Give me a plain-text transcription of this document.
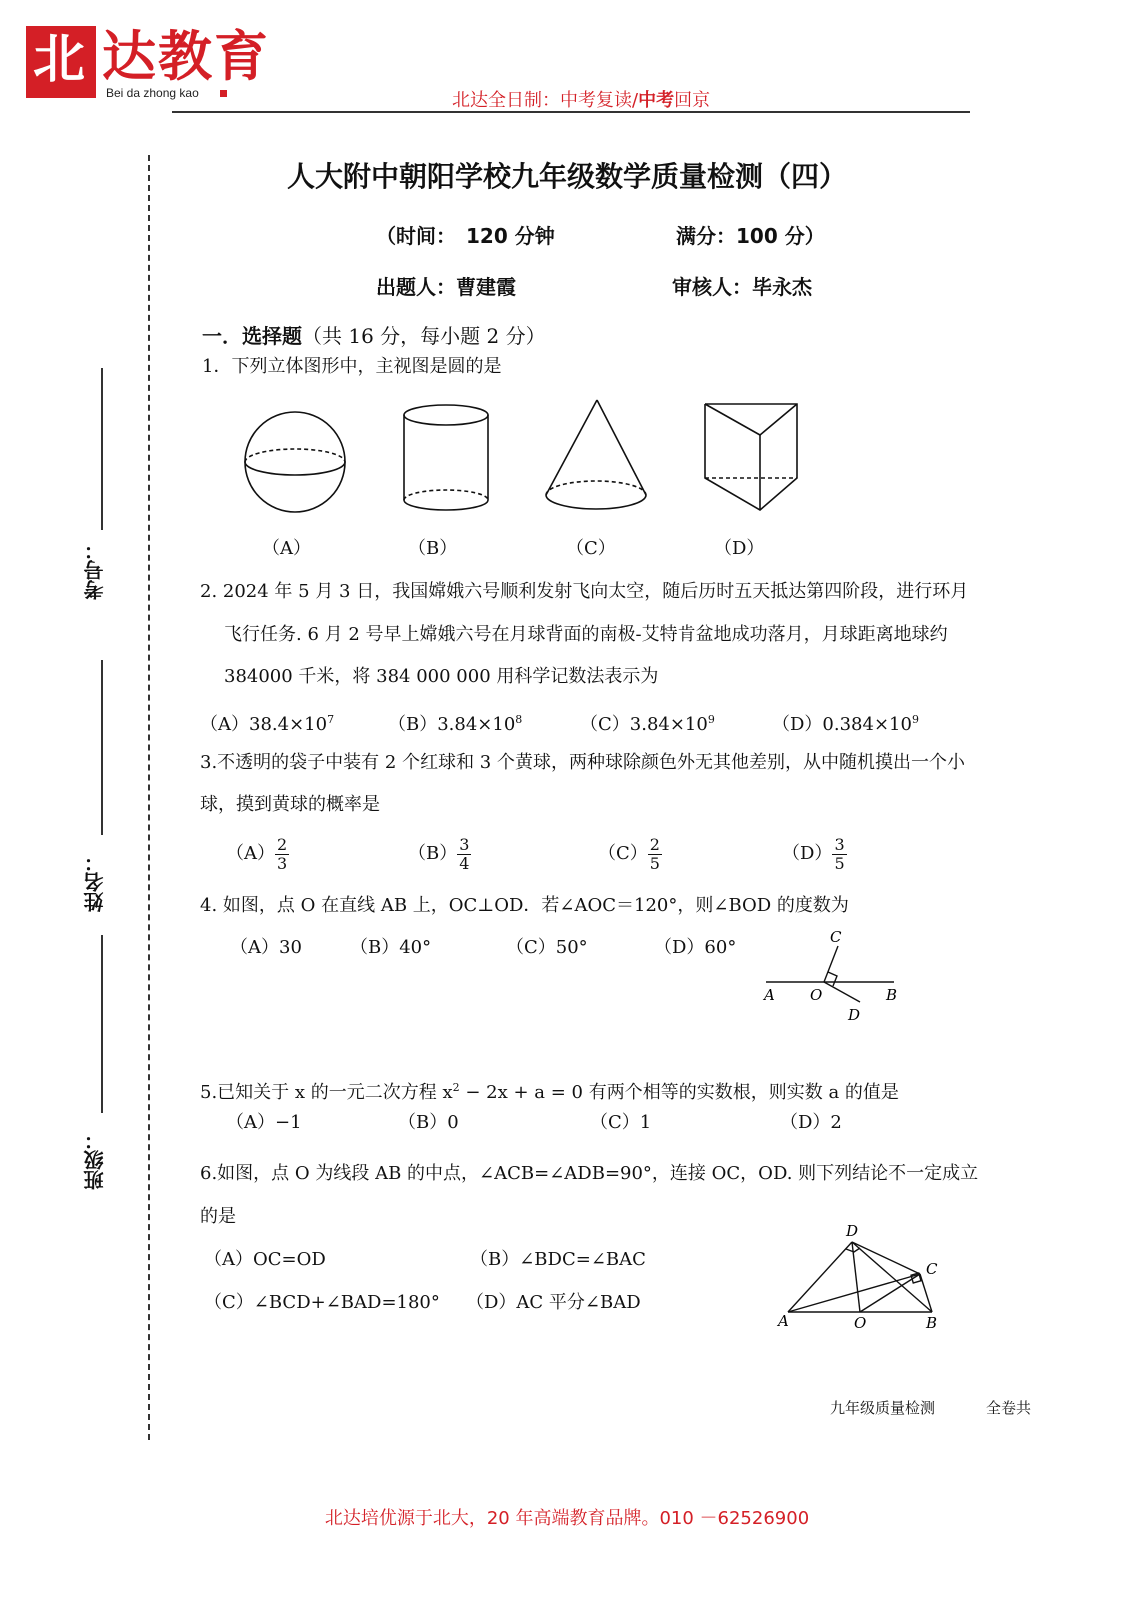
北 达教育
Bei da zhong kao	北达全日制：中考复读/中考回京
考号：
姓名：
班级：
人大附中朝阳学校九年级数学质量检测（四）
（时间：　120 分钟	满分：100 分）
出题人：曹建霞	审核人：毕永杰
一．选择题（共 16 分，每小题 2 分）
1．下列立体图形中，主视图是圆的是
（A）	（B）	（C）	（D）
2. 2024 年 5 月 3 日，我国嫦娥六号顺利发射飞向太空，随后历时五天抵达第四阶段，进行环月
飞行任务. 6 月 2 号早上嫦娥六号在月球背面的南极-艾特肯盆地成功落月，月球距离地球约
384000 千米，将 384 000 000 用科学记数法表示为
$(A)38.4\times 10^7$	$(B)3.84\times 10^8$	$(C)3.84\times 10^9$	$(D)0.384\times 10^9$
3.不透明的袋子中装有 2 个红球和 3 个黄球，两种球除颜色外无其他差别，从中随机摸出一个小
球，摸到黄球的概率是
$(A) \frac{2}{3}$	$(B) \frac{3}{4}$	$(C) \frac{2}{5}$	$(D) \frac{3}{5}$
4. 如图，点 O 在直线 AB 上，OC⊥OD．若∠AOC＝120°，则∠BOD 的度数为
（A）30	（B）40°	（C）50°	（D）60°
A O	B
C
D
5.已知关于 x 的一元二次方程 $x^2 - 2x + a = 0$ 有两个相等的实数根，则实数 a 的值是
（A）−1	（B）0	（C）1	（D）2
6.如图，点 O 为线段 AB 的中点，∠ACB=∠ADB=90°，连接 OC，OD. 则下列结论不一定成立
的是
（A）OC=OD	（B）∠BDC=∠BAC
（C）∠BCD+∠BAD=180° （D）AC 平分∠BAD
A	O	B
C
D
九年级质量检测	全卷共
北达培优源于北大，20 年高端教育品牌。010 －62526900
